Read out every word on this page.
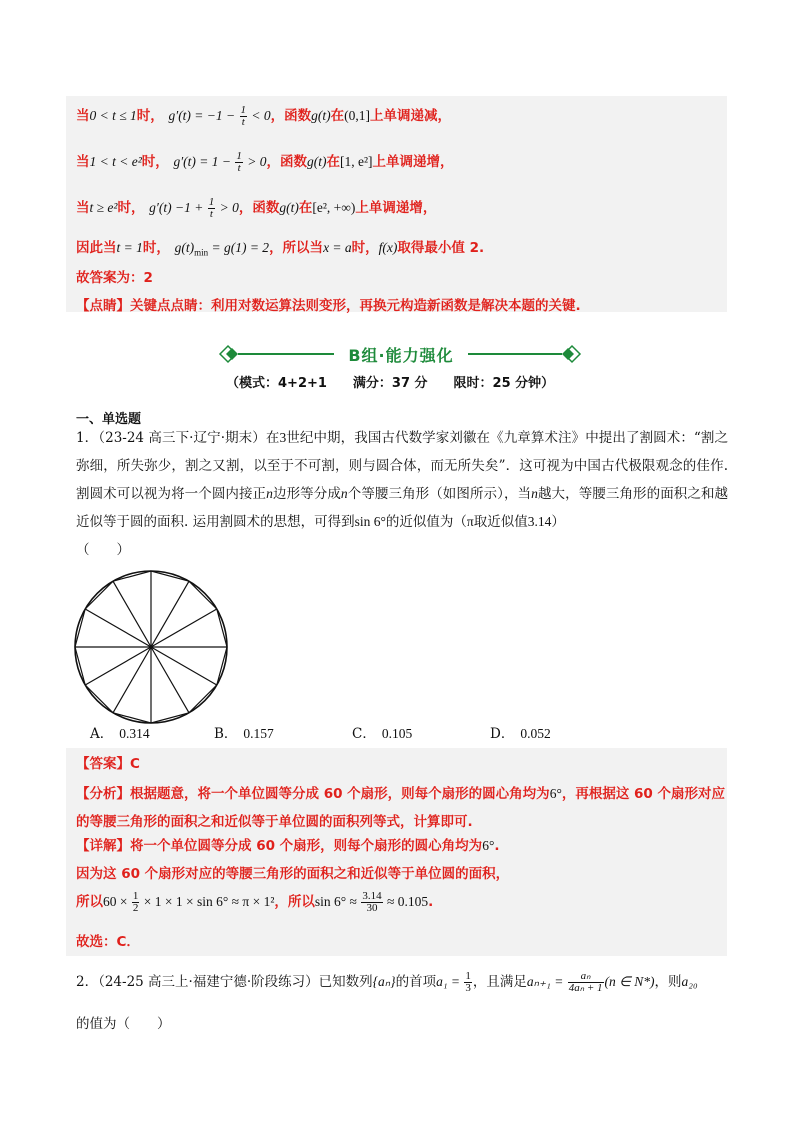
当0 < t ≤ 1时， $g'(t) = -1 - \frac{1}{t} < 0$，函数g(t)在(0,1]上单调递减，
当1 < t < e²时， $g'(t) = 1 - \frac{1}{t} > 0$，函数g(t)在[1, e²]上单调递增，
当t ≥ e²时， $g'(t) -1 + \frac{1}{t} > 0$，函数g(t)在[e², +∞)上单调递增，
因此当t = 1时， $g(t)_{min} = g(1) = 2$，所以当x = a时，f(x)取得最小值 2.
故答案为：2
【点睛】关键点点睛：利用对数运算法则变形，再换元构造新函数是解决本题的关键.
B组·能力强化
（模式：4+2+1　　满分：37 分　　限时：25 分钟）
一、单选题
1．（23-24 高三下·辽宁·期末）在3世纪中期，我国古代数学家刘徽在《九章算术注》中提出了割圆术：“割之弥细，所失弥少，割之又割，以至于不可割，则与圆合体，而无所失矣”．这可视为中国古代极限观念的佳作. 割圆术可以视为将一个圆内接正n边形等分成n个等腰三角形（如图所示），当n越大，等腰三角形的面积之和越近似等于圆的面积. 运用割圆术的思想，可得到sin 6°的近似值为（π取近似值3.14）
（　　）
A． 0.314	B． 0.157	C． 0.105	D． 0.052
【答案】C
【分析】根据题意，将一个单位圆等分成 60 个扇形，则每个扇形的圆心角均为6°，再根据这 60 个扇形对应的等腰三角形的面积之和近似等于单位圆的面积列等式，计算即可.
【详解】将一个单位圆等分成 60 个扇形，则每个扇形的圆心角均为6°.
因为这 60 个扇形对应的等腰三角形的面积之和近似等于单位圆的面积，
所以$60 \times \frac{1}{2} \times 1 \times 1 \times \sin 6^\circ \approx \pi \times 1^2$，所以$\sin 6^\circ \approx \frac{3.14}{30} \approx 0.105$.
故选：C．
2．（24-25 高三上·福建宁德·阶段练习）已知数列{aₙ}的首项$a_1 = \frac{1}{3}$ ，且满足$a_{n+1} = \frac{\text{aₙ}}{\text{4aₙ + 1}} (n$ ∈ N*)，则a₂₀
的值为（　　）
